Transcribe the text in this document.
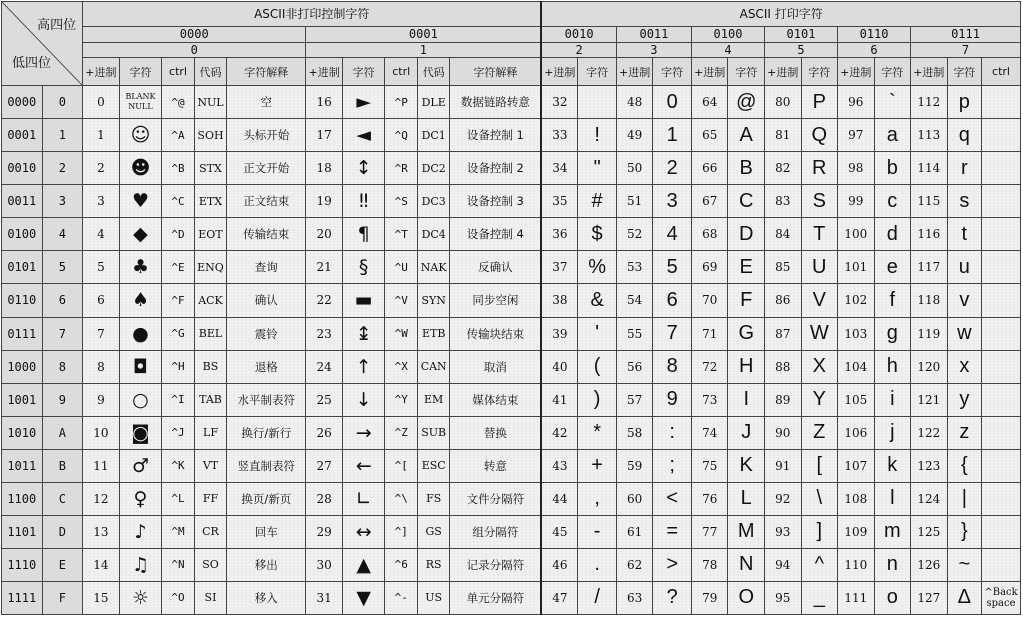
高四位
低四位		ASCII非打印控制字符										ASCII 打印字符												
		0000					0001					0010		0011		0100		0101		0110		0111		
		0					1					2		3		4		5		6		7		
		+进制	字符	ctrl	代码	字符解释	+进制	字符	ctrl	代码	字符解释	+进制	字符	+进制	字符	+进制	字符	+进制	字符	+进制	字符	+进制	字符	ctrl
0000	0	0	BLANK NULL	^@	NUL	空	16	►	^P	DLE	数据链路转意	32		48	0	64	@	80	P	96	`	112	p	
0001	1	1	☺	^A	SOH	头标开始	17	◄	^Q	DC1	设备控制 1	33	!	49	1	65	A	81	Q	97	a	113	q	
0010	2	2	☻	^B	STX	正文开始	18	↕	^R	DC2	设备控制 2	34	"	50	2	66	B	82	R	98	b	114	r	
0011	3	3	♥	^C	ETX	正文结束	19	‼	^S	DC3	设备控制 3	35	#	51	3	67	C	83	S	99	c	115	s	
0100	4	4	◆	^D	EOT	传输结束	20	¶	^T	DC4	设备控制 4	36	$	52	4	68	D	84	T	100	d	116	t	
0101	5	5	♣	^E	ENQ	查询	21	§	^U	NAK	反确认	37	%	53	5	69	E	85	U	101	e	117	u	
0110	6	6	♠	^F	ACK	确认	22	▬	^V	SYN	同步空闲	38	&	54	6	70	F	86	V	102	f	118	v	
0111	7	7	●	^G	BEL	震铃	23	↨	^W	ETB	传输块结束	39	'	55	7	71	G	87	W	103	g	119	w	
1000	8	8	◘	^H	BS	退格	24	↑	^X	CAN	取消	40	(	56	8	72	H	88	X	104	h	120	x	
1001	9	9	○	^I	TAB	水平制表符	25	↓	^Y	EM	媒体结束	41	)	57	9	73	I	89	Y	105	i	121	y	
1010	A	10	◙	^J	LF	换行/新行	26	→	^Z	SUB	替换	42	*	58	:	74	J	90	Z	106	j	122	z	
1011	B	11	♂	^K	VT	竖直制表符	27	←	^[	ESC	转意	43	+	59	;	75	K	91	[	107	k	123	{	
1100	C	12	♀	^L	FF	换页/新页	28	∟	^\	FS	文件分隔符	44	,	60	<	76	L	92	\	108	l	124	|	
1101	D	13	♪	^M	CR	回车	29	↔	^]	GS	组分隔符	45	-	61	=	77	M	93	]	109	m	125	}	
1110	E	14	♫	^N	SO	移出	30	▲	^6	RS	记录分隔符	46	.	62	>	78	N	94	^	110	n	126	~	
1111	F	15	☼	^O	SI	移入	31	▼	^-	US	单元分隔符	47	/	63	?	79	O	95	_	111	o	127	Δ	^Back space
